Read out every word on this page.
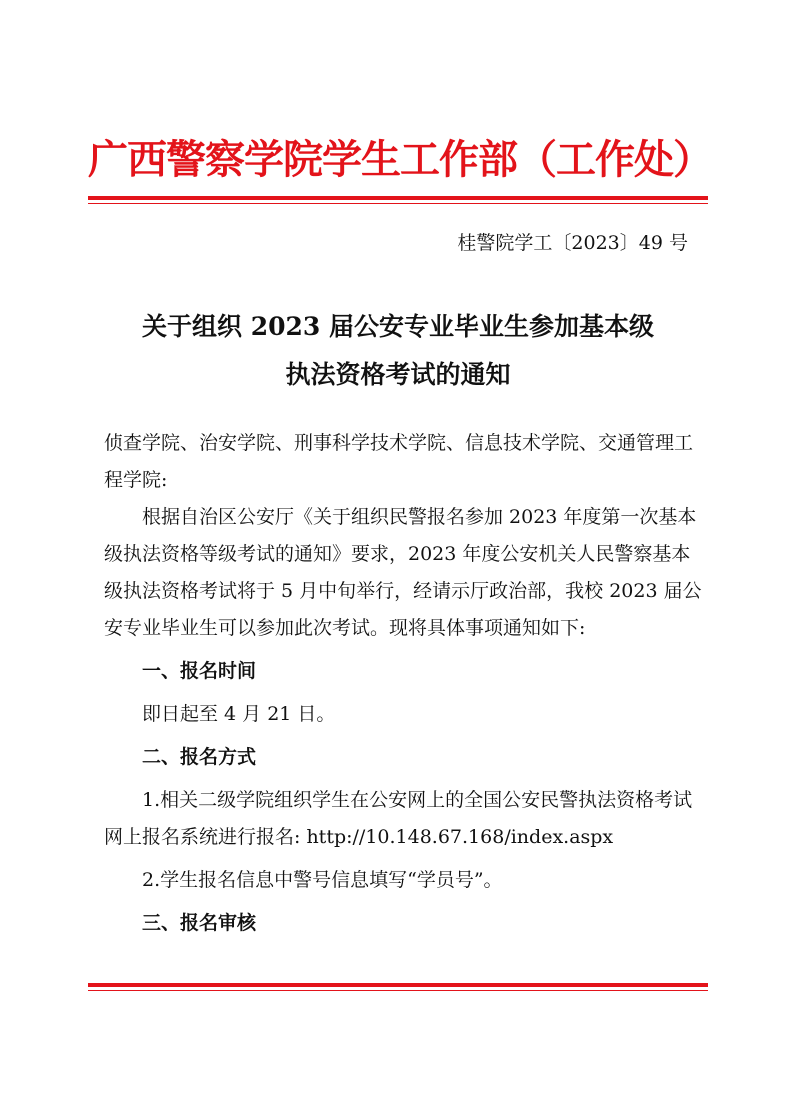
广西警察学院学生工作部（工作处）
桂警院学工〔2023〕49 号
关于组织 2023 届公安专业毕业生参加基本级
执法资格考试的通知

侦查学院、治安学院、刑事科学技术学院、信息技术学院、交通管理工程学院:

根据自治区公安厅《关于组织民警报名参加 2023 年度第一次基本级执法资格等级考试的通知》要求，2023 年度公安机关人民警察基本级执法资格考试将于 5 月中旬举行，经请示厅政治部，我校 2023 届公安专业毕业生可以参加此次考试。现将具体事项通知如下:

一、报名时间

即日起至 4 月 21 日。

二、报名方式

1.相关二级学院组织学生在公安网上的全国公安民警执法资格考试网上报名系统进行报名: http://10.148.67.168/index.aspx

2.学生报名信息中警号信息填写“学员号”。

三、报名审核
